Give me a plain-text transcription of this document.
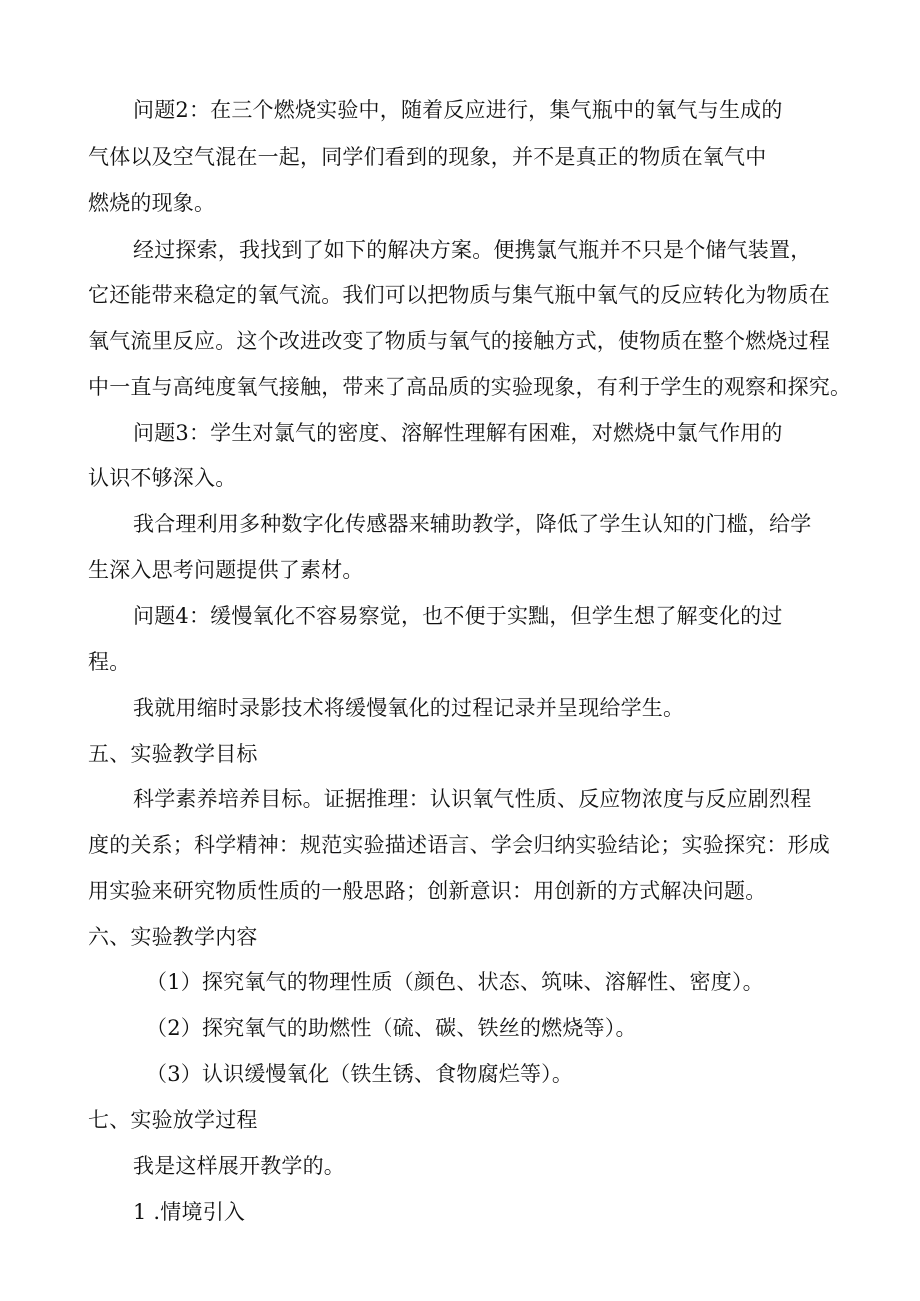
问题2：在三个燃烧实验中，随着反应进行，集气瓶中的氧气与生成的
气体以及空气混在一起，同学们看到的现象，并不是真正的物质在氧气中
燃烧的现象。
经过探索，我找到了如下的解决方案。便携氯气瓶并不只是个储气装置，
它还能带来稳定的氧气流。我们可以把物质与集气瓶中氧气的反应转化为物质在
氧气流里反应。这个改进改变了物质与氧气的接触方式，使物质在整个燃烧过程
中一直与高纯度氧气接触，带来了高品质的实验现象，有利于学生的观察和探究。
问题3：学生对氯气的密度、溶解性理解有困难，对燃烧中氯气作用的
认识不够深入。
我合理利用多种数字化传感器来辅助教学，降低了学生认知的门槛，给学
生深入思考问题提供了素材。
问题4：缓慢氧化不容易察觉，也不便于实黜，但学生想了解变化的过
程。
我就用缩时录影技术将缓慢氧化的过程记录并呈现给学生。
五、实验教学目标
科学素养培养目标。证据推理：认识氧气性质、反应物浓度与反应剧烈程
度的关系；科学精神：规范实验描述语言、学会归纳实验结论；实验探究：形成
用实验来研究物质性质的一般思路；创新意识：用创新的方式解决问题。
六、实验教学内容
（1）探究氧气的物理性质（颜色、状态、筑味、溶解性、密度）。
（2）探究氧气的助燃性（硫、碳、铁丝的燃烧等）。
（3）认识缓慢氧化（铁生锈、食物腐烂等）。
七、实验放学过程
我是这样展开教学的。
1 .情境引入
